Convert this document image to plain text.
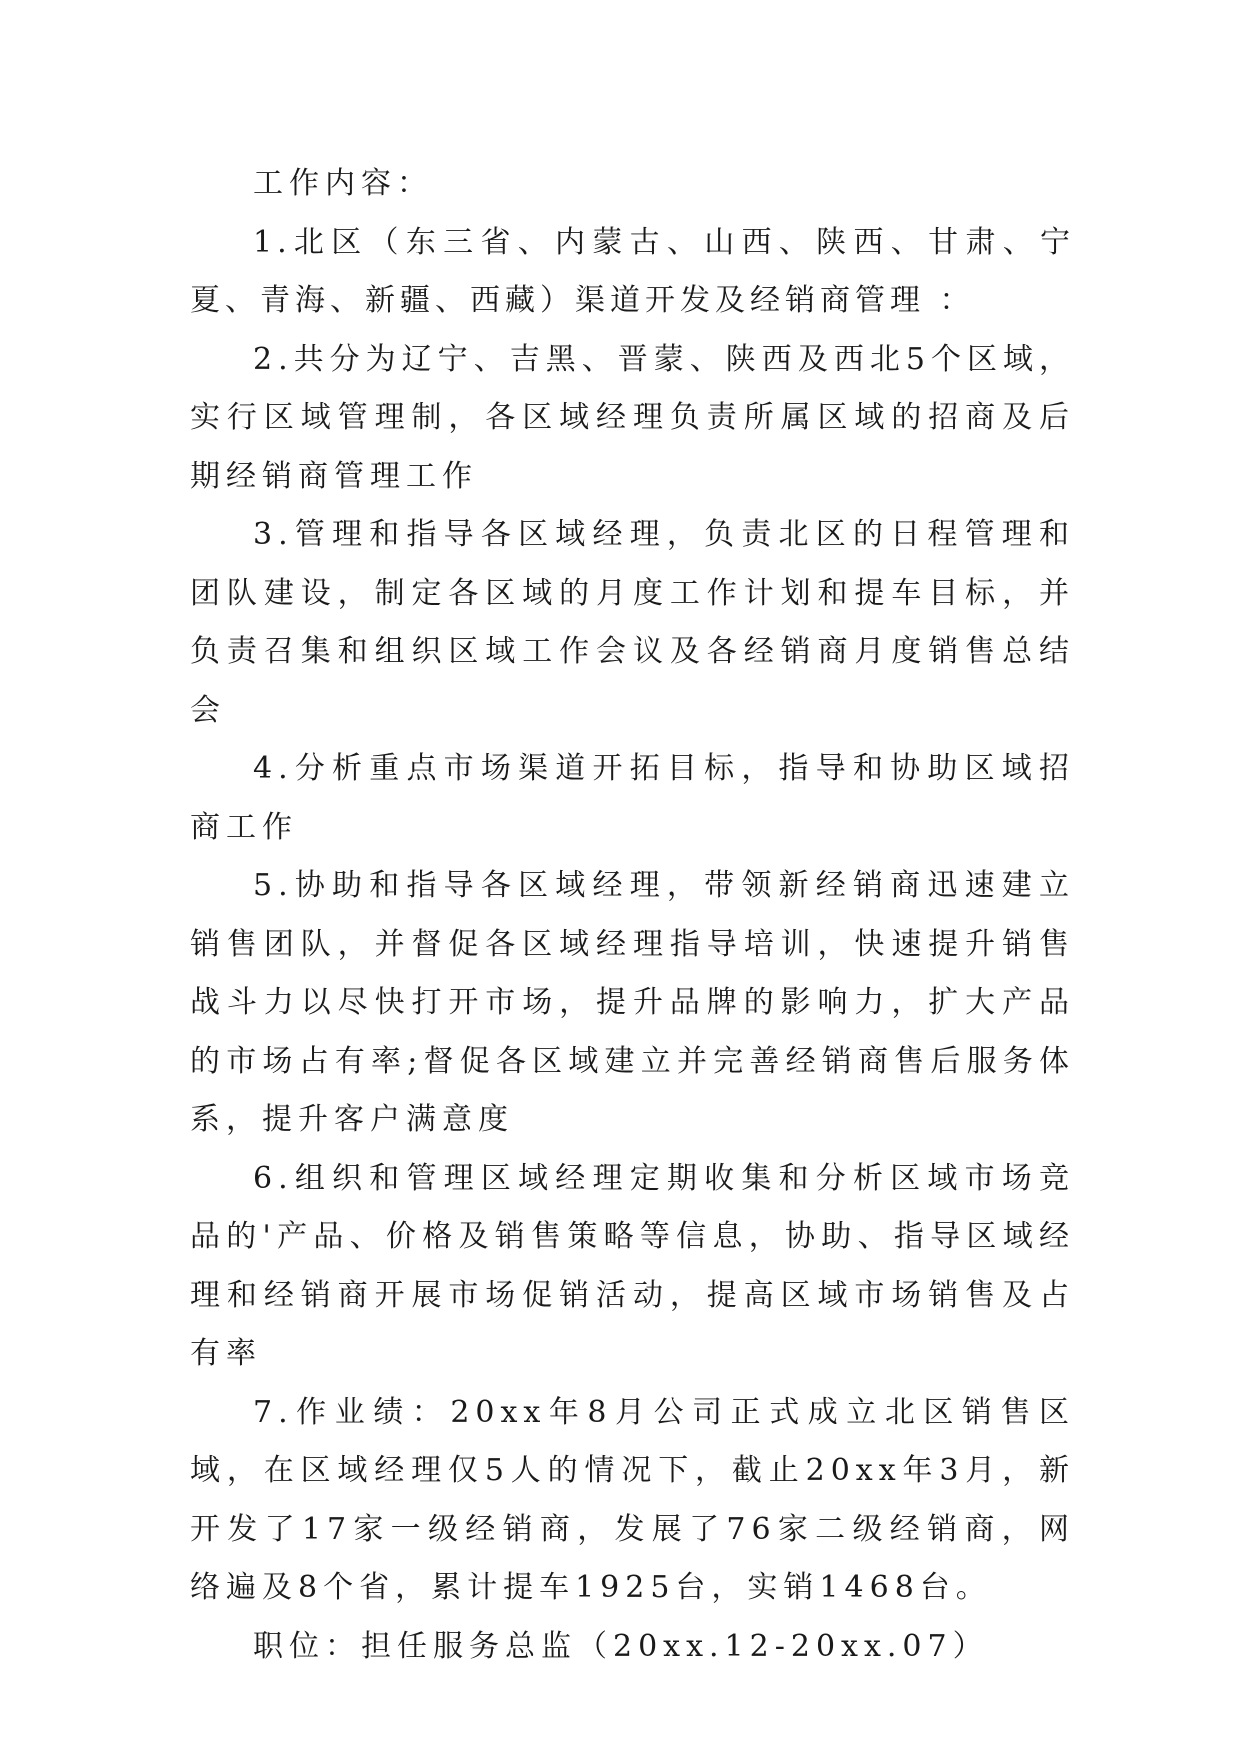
工作内容：

1.北区（东三省、内蒙古、山西、陕西、甘肃、宁夏、青海、新疆、西藏）渠道开发及经销商管理 ：

2.共分为辽宁、吉黑、晋蒙、陕西及西北5个区域，实行区域管理制，各区域经理负责所属区域的招商及后期经销商管理工作

3.管理和指导各区域经理，负责北区的日程管理和团队建设，制定各区域的月度工作计划和提车目标，并负责召集和组织区域工作会议及各经销商月度销售总结会

4.分析重点市场渠道开拓目标，指导和协助区域招商工作

5.协助和指导各区域经理，带领新经销商迅速建立销售团队，并督促各区域经理指导培训，快速提升销售战斗力以尽快打开市场，提升品牌的影响力，扩大产品的市场占有率;督促各区域建立并完善经销商售后服务体系，提升客户满意度

6.组织和管理区域经理定期收集和分析区域市场竞品的'产品、价格及销售策略等信息，协助、指导区域经理和经销商开展市场促销活动，提高区域市场销售及占有率

7.作业绩：20xx年8月公司正式成立北区销售区域，在区域经理仅5人的情况下，截止20xx年3月，新开发了17家一级经销商，发展了76家二级经销商，网络遍及8个省，累计提车1925台，实销1468台。

职位：担任服务总监（20xx.12-20xx.07）
